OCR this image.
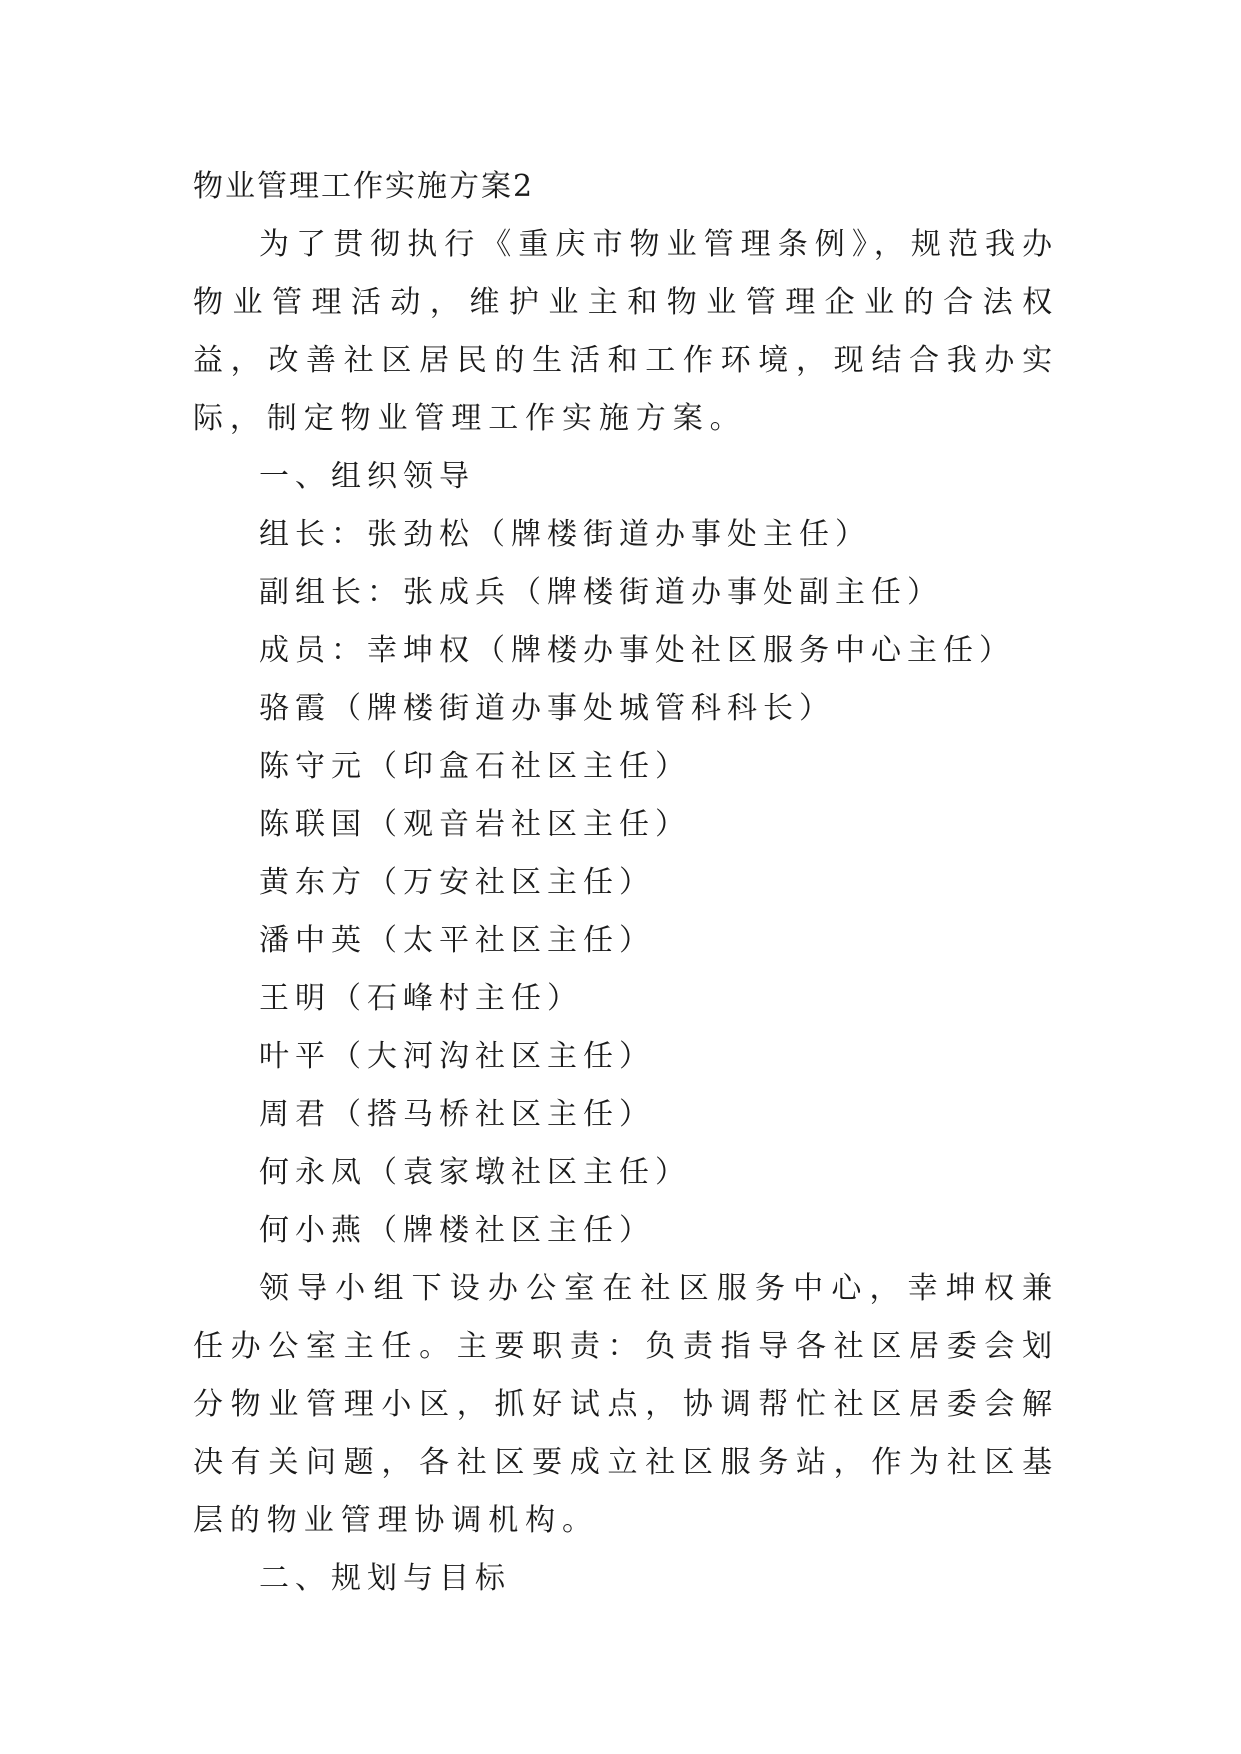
物业管理工作实施方案2

为了贯彻执行《重庆市物业管理条例》，规范我办物业管理活动，维护业主和物业管理企业的合法权益，改善社区居民的生活和工作环境，现结合我办实际，制定物业管理工作实施方案。

一、组织领导

组长：张劲松（牌楼街道办事处主任）

副组长：张成兵（牌楼街道办事处副主任）

成员：幸坤权（牌楼办事处社区服务中心主任）

骆霞（牌楼街道办事处城管科科长）

陈守元（印盒石社区主任）

陈联国（观音岩社区主任）

黄东方（万安社区主任）

潘中英（太平社区主任）

王明（石峰村主任）

叶平（大河沟社区主任）

周君（搭马桥社区主任）

何永凤（袁家墩社区主任）

何小燕（牌楼社区主任）

领导小组下设办公室在社区服务中心，幸坤权兼任办公室主任。主要职责：负责指导各社区居委会划分物业管理小区，抓好试点，协调帮忙社区居委会解决有关问题，各社区要成立社区服务站，作为社区基层的物业管理协调机构。

二、规划与目标
